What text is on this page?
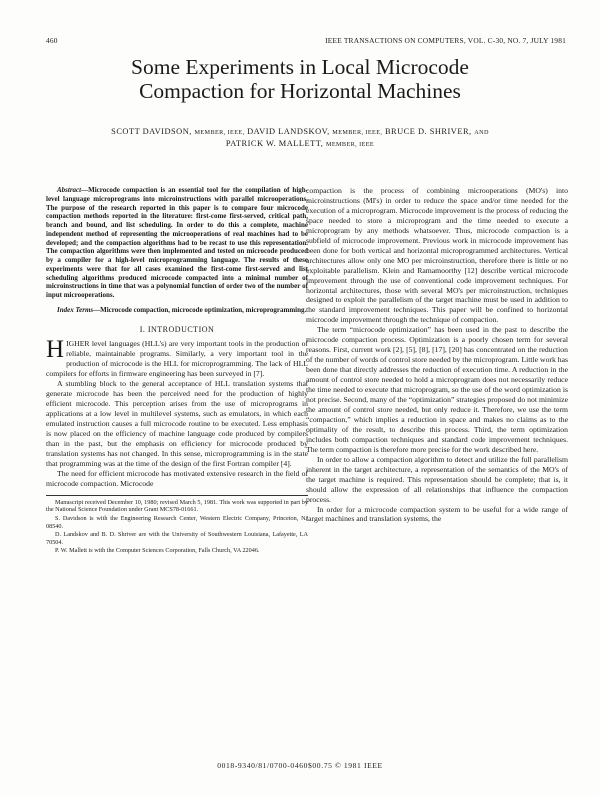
460	IEEE TRANSACTIONS ON COMPUTERS, VOL. C-30, NO. 7, JULY 1981
Some Experiments in Local Microcode
Compaction for Horizontal Machines
SCOTT DAVIDSON, MEMBER, IEEE, DAVID LANDSKOV, MEMBER, IEEE, BRUCE D. SHRIVER, AND
PATRICK W. MALLETT, MEMBER, IEEE

Abstract—Microcode compaction is an essential tool for the compilation of high-level language microprograms into microinstructions with parallel microoperations. The purpose of the research reported in this paper is to compare four microcode compaction methods reported in the literature: first-come first-served, critical path, branch and bound, and list scheduling. In order to do this a complete, machine independent method of representing the microoperations of real machines had to be developed; and the compaction algorithms had to be recast to use this representation. The compaction algorithms were then implemented and tested on microcode produced by a compiler for a high-level microprogramming language. The results of these experiments were that for all cases examined the first-come first-served and list scheduling algorithms produced microcode compacted into a minimal number of microinstructions in time that was a polynomial function of order two of the number of input microoperations.

Index Terms—Microcode compaction, microcode optimization, microprogramming.

I. INTRODUCTION

HIGHER level languages (HLL's) are very important tools in the production of reliable, maintainable programs. Similarly, a very important tool in the production of microcode is the HLL for microprogramming. The lack of HLL compilers for efforts in firmware engineering has been surveyed in [7].

A stumbling block to the general acceptance of HLL translation systems that generate microcode has been the perceived need for the production of highly efficient microcode. This perception arises from the use of microprograms in applications at a low level in multilevel systems, such as emulators, in which each emulated instruction causes a full microcode routine to be executed. Less emphasis is now placed on the efficiency of machine language code produced by compilers than in the past, but the emphasis on efficiency for microcode produced by translation systems has not changed. In this sense, microprogramming is in the state that programming was at the time of the design of the first Fortran compiler [4].

The need for efficient microcode has motivated extensive research in the field of microcode compaction. Microcode

Manuscript received December 10, 1980; revised March 5, 1981. This work was supported in part by the National Science Foundation under Grant MCS78-01661.

S. Davidson is with the Engineering Research Center, Western Electric Company, Princeton, NJ 08540.

D. Landskov and B. D. Shriver are with the University of Southwestern Louisiana, Lafayette, LA 70504.

P. W. Mallett is with the Computer Sciences Corporation, Falls Church, VA 22046.

compaction is the process of combining microoperations (MO's) into microinstructions (MI's) in order to reduce the space and/or time needed for the execution of a microprogram. Microcode improvement is the process of reducing the space needed to store a microprogram and the time needed to execute a microprogram by any methods whatsoever. Thus, microcode compaction is a subfield of microcode improvement. Previous work in microcode improvement has been done for both vertical and horizontal microprogrammed architectures. Vertical architectures allow only one MO per microinstruction, therefore there is little or no exploitable parallelism. Klein and Ramamoorthy [12] describe vertical microcode improvement through the use of conventional code improvement techniques. For horizontal architectures, those with several MO's per microinstruction, techniques designed to exploit the parallelism of the target machine must be used in addition to the standard improvement techniques. This paper will be confined to horizontal microcode improvement through the technique of compaction.

The term “microcode optimization” has been used in the past to describe the microcode compaction process. Optimization is a poorly chosen term for several reasons. First, current work [2], [5], [8], [17], [20] has concentrated on the reduction of the number of words of control store needed by the microprogram. Little work has been done that directly addresses the reduction of execution time. A reduction in the amount of control store needed to hold a microprogram does not necessarily reduce the time needed to execute that microprogram, so the use of the word optimization is not precise. Second, many of the “optimization” strategies proposed do not minimize the amount of control store needed, but only reduce it. Therefore, we use the term “compaction,” which implies a reduction in space and makes no claims as to the optimality of the result, to describe this process. Third, the term optimization includes both compaction techniques and standard code improvement techniques. The term compaction is therefore more precise for the work described here.

In order to allow a compaction algorithm to detect and utilize the full parallelism inherent in the target architecture, a representation of the semantics of the MO's of the target machine is required. This representation should be complete; that is, it should allow the expression of all relationships that influence the compaction process.

In order for a microcode compaction system to be useful for a wide range of target machines and translation systems, the

0018-9340/81/0700-0460$00.75 © 1981 IEEE
